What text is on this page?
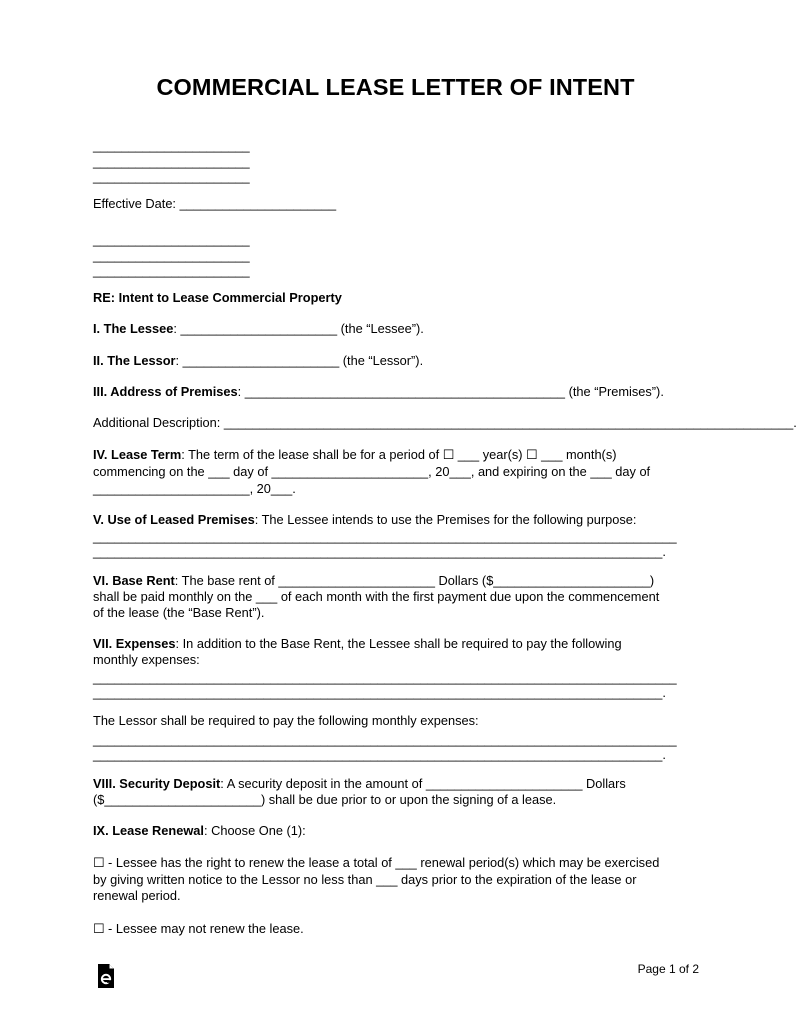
COMMERCIAL LEASE LETTER OF INTENT
______________________
______________________
______________________
Effective Date: ______________________
______________________
______________________
______________________
RE: Intent to Lease Commercial Property
I. The Lessee: ______________________ (the “Lessee”).
II. The Lessor: ______________________ (the “Lessor”).
III. Address of Premises: _____________________________________________ (the “Premises”).
Additional Description: ________________________________________________________________________________.
IV. Lease Term: The term of the lease shall be for a period of ☐ ___ year(s) ☐ ___ month(s)
commencing on the ___ day of ______________________, 20___, and expiring on the ___ day of
______________________, 20___.
V. Use of Leased Premises: The Lessee intends to use the Premises for the following purpose:
__________________________________________________________________________________
________________________________________________________________________________.
VI. Base Rent: The base rent of ______________________ Dollars ($______________________)
shall be paid monthly on the ___ of each month with the first payment due upon the commencement
of the lease (the “Base Rent”).
VII. Expenses: In addition to the Base Rent, the Lessee shall be required to pay the following
monthly expenses:
__________________________________________________________________________________
________________________________________________________________________________.
The Lessor shall be required to pay the following monthly expenses:
__________________________________________________________________________________
________________________________________________________________________________.
VIII. Security Deposit: A security deposit in the amount of ______________________ Dollars
($______________________) shall be due prior to or upon the signing of a lease.
IX. Lease Renewal: Choose One (1):
☐ - Lessee has the right to renew the lease a total of ___ renewal period(s) which may be exercised
by giving written notice to the Lessor no less than ___ days prior to the expiration of the lease or
renewal period.
☐ - Lessee may not renew the lease.
Page 1 of 2
